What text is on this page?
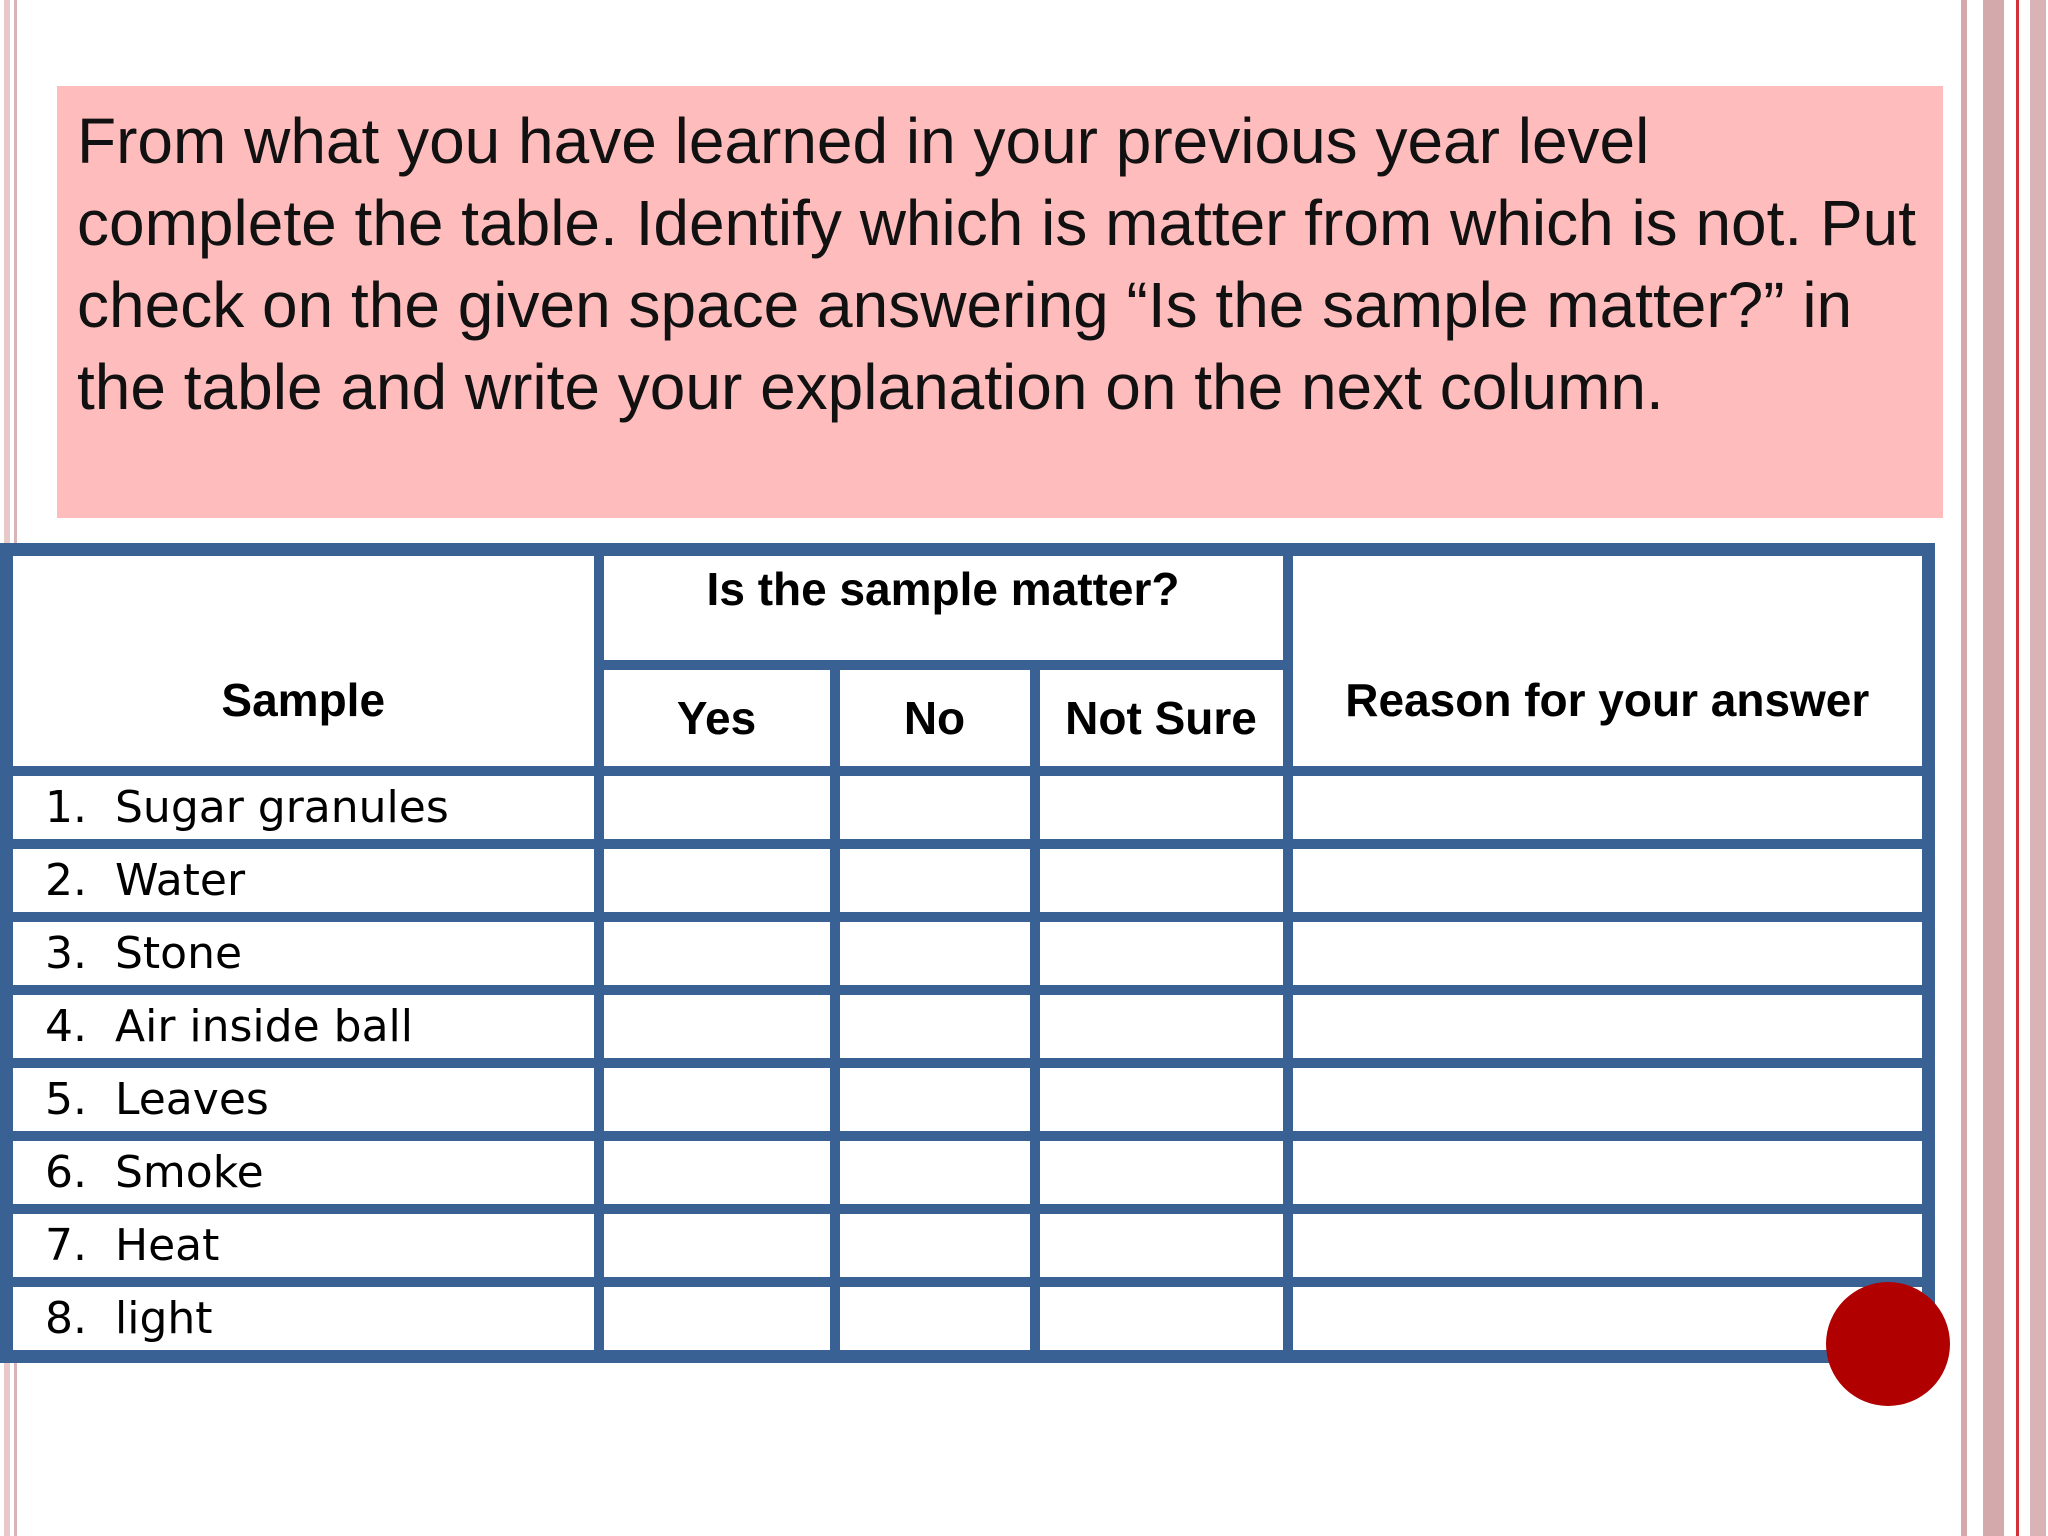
From what you have learned in your previous year level complete the table. Identify which is matter from which is not. Put check on the given space answering “Is the sample matter?” in the table and write your explanation on the next column.

Sample	Is the sample matter?			Reason for your answer
	Yes	No	Not Sure	
1. Sugar granules				
2. Water				
3. Stone				
4. Air inside ball				
5. Leaves				
6. Smoke				
7. Heat				
8. light				
